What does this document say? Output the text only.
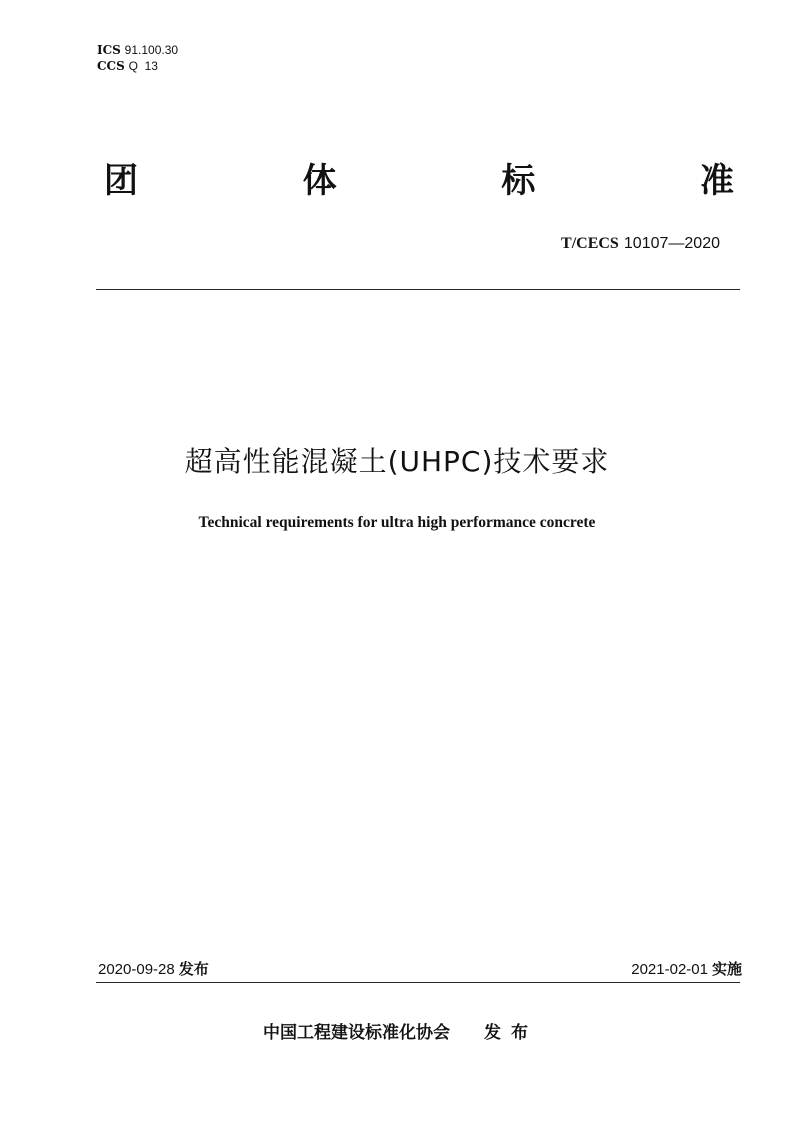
ICS 91.100.30
CCS Q  13
团	体	标	准
T/CECS 10107—2020
超高性能混凝土(UHPC)技术要求
Technical requirements for ultra high performance concrete
2020-09-28 发布	2021-02-01 实施
中国工程建设标准化协会 发布
